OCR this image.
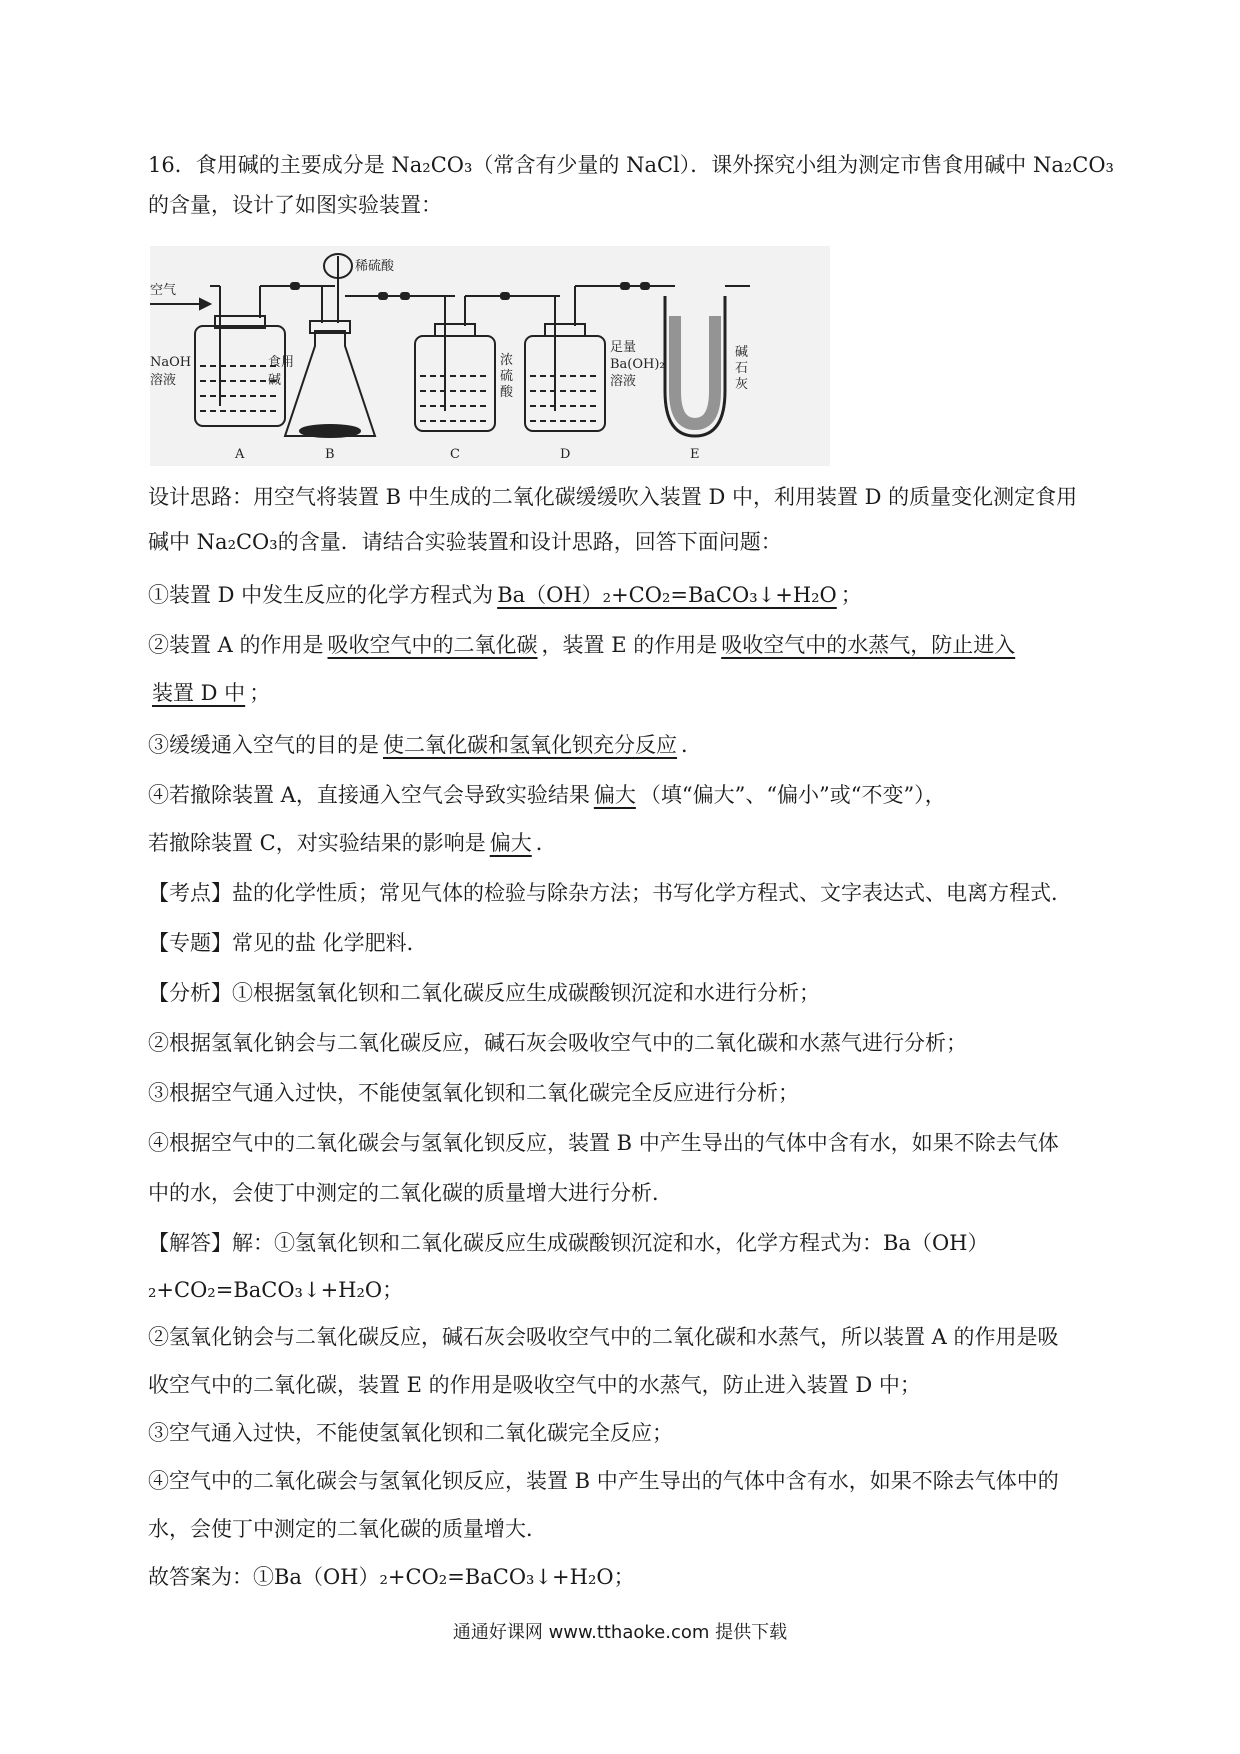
16．食用碱的主要成分是 Na₂CO₃（常含有少量的 NaCl）．课外探究小组为测定市售食用碱中 Na₂CO₃
的含量，设计了如图实验装置：
空气
稀硫酸
NaOH
溶液
食用
碱
浓
硫
酸
足量
Ba(OH)₂
溶液
碱
石
灰
A	B	C	D	E
设计思路：用空气将装置 B 中生成的二氧化碳缓缓吹入装置 D 中，利用装置 D 的质量变化测定食用
碱中 Na₂CO₃的含量．请结合实验装置和设计思路，回答下面问题：
①装置 D 中发生反应的化学方程式为 Ba（OH）₂+CO₂=BaCO₃↓+H₂O ；
②装置 A 的作用是 吸收空气中的二氧化碳 ，装置 E 的作用是 吸收空气中的水蒸气，防止进入
装置 D 中 ；
③缓缓通入空气的目的是 使二氧化碳和氢氧化钡充分反应 ．
④若撤除装置 A，直接通入空气会导致实验结果 偏大 （填“偏大”、“偏小”或“不变”），
若撤除装置 C，对实验结果的影响是 偏大 ．
【考点】盐的化学性质；常见气体的检验与除杂方法；书写化学方程式、文字表达式、电离方程式．
【专题】常见的盐 化学肥料．
【分析】①根据氢氧化钡和二氧化碳反应生成碳酸钡沉淀和水进行分析；
②根据氢氧化钠会与二氧化碳反应，碱石灰会吸收空气中的二氧化碳和水蒸气进行分析；
③根据空气通入过快，不能使氢氧化钡和二氧化碳完全反应进行分析；
④根据空气中的二氧化碳会与氢氧化钡反应，装置 B 中产生导出的气体中含有水，如果不除去气体
中的水，会使丁中测定的二氧化碳的质量增大进行分析．
【解答】解：①氢氧化钡和二氧化碳反应生成碳酸钡沉淀和水，化学方程式为：Ba（OH）
₂+CO₂=BaCO₃↓+H₂O；
②氢氧化钠会与二氧化碳反应，碱石灰会吸收空气中的二氧化碳和水蒸气，所以装置 A 的作用是吸
收空气中的二氧化碳，装置 E 的作用是吸收空气中的水蒸气，防止进入装置 D 中；
③空气通入过快，不能使氢氧化钡和二氧化碳完全反应；
④空气中的二氧化碳会与氢氧化钡反应，装置 B 中产生导出的气体中含有水，如果不除去气体中的
水，会使丁中测定的二氧化碳的质量增大．
故答案为：①Ba（OH）₂+CO₂=BaCO₃↓+H₂O；
通通好课网 www.tthaoke.com 提供下载
